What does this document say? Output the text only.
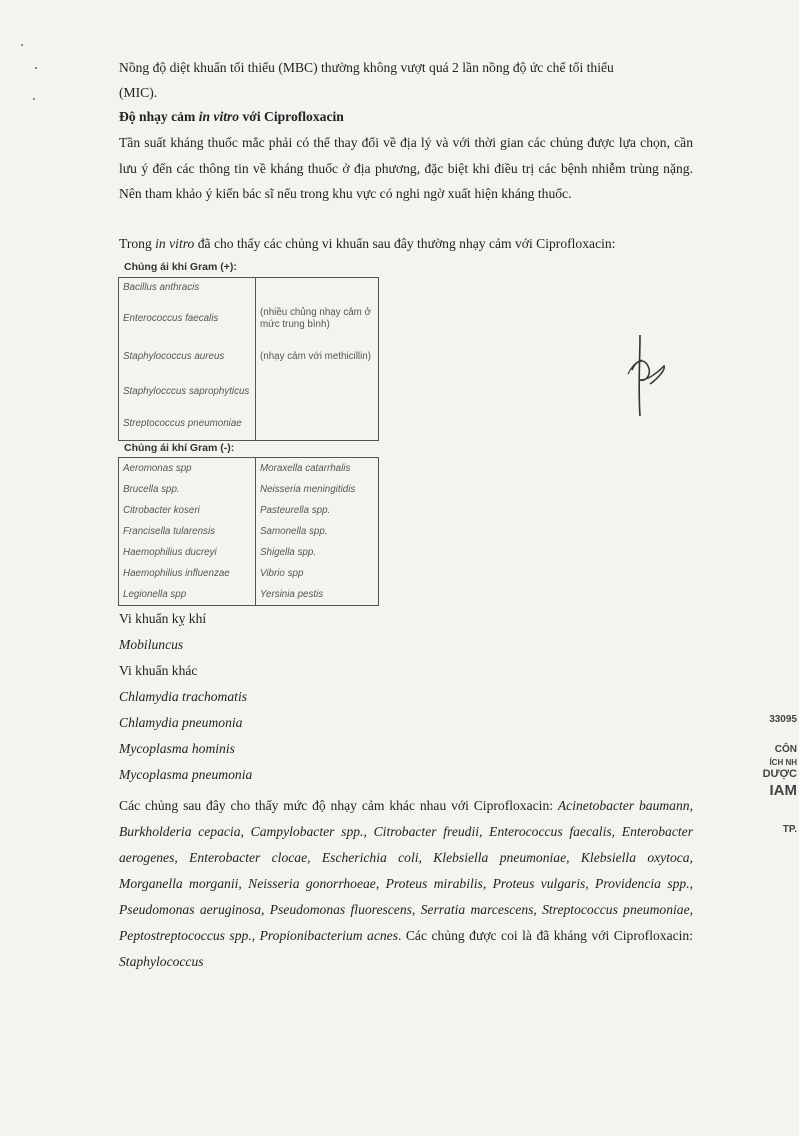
Nồng độ diệt khuẩn tối thiểu (MBC) thường không vượt quá 2 lần nồng độ ức chế tối thiểu

(MIC).

Độ nhạy cảm in vitro với Ciprofloxacin

Tần suất kháng thuốc mắc phải có thể thay đổi về địa lý và với thời gian các chủng được lựa chọn, cần lưu ý đến các thông tin về kháng thuốc ở địa phương, đặc biệt khi điều trị các bệnh nhiễm trùng nặng. Nên tham khảo ý kiến bác sĩ nếu trong khu vực có nghi ngờ xuất hiện kháng thuốc.

Trong in vitro đã cho thấy các chủng vi khuẩn sau đây thường nhạy cảm với Ciprofloxacin:

Chủng ái khí Gram (+):
Bacillus anthracis	
Enterococcus faecalis	(nhiều chủng nhạy cảm ở mức trung bình)
Staphylococcus aureus	(nhạy cảm với methicillin)
Staphylocccus saprophyticus	
Streptococcus pneumoniae	
Chủng ái khí Gram (-):
Aeromonas spp	Moraxella catarrhalis
Brucella spp.	Neisseria meningitidis
Citrobacter koseri	Pasteurella spp.
Francisella tularensis	Samonella spp.
Haemophilius ducreyi	Shigella spp.
Haemophilius influenzae	Vibrio spp
Legionella spp	Yersinia pestis

Vi khuẩn kỵ khí

Mobiluncus

Vi khuẩn khác

Chlamydia trachomatis

Chlamydia pneumonia

Mycoplasma hominis

Mycoplasma pneumonia

Các chủng sau đây cho thấy mức độ nhạy cảm khác nhau với Ciprofloxacin: Acinetobacter baumann, Burkholderia cepacia, Campylobacter spp., Citrobacter freudii, Enterococcus faecalis, Enterobacter aerogenes, Enterobacter clocae, Escherichia coli, Klebsiella pneumoniae, Klebsiella oxytoca, Morganella morganii, Neisseria gonorrhoeae, Proteus mirabilis, Proteus vulgaris, Providencia spp., Pseudomonas aeruginosa, Pseudomonas fluorescens, Serratia marcescens, Streptococcus pneumoniae, Peptostreptococcus spp., Propionibacterium acnes. Các chủng được coi là đã kháng với Ciprofloxacin: Staphylococcus

33095
CÔN
ÍCH NH
DƯỢC
IAM
TP.
